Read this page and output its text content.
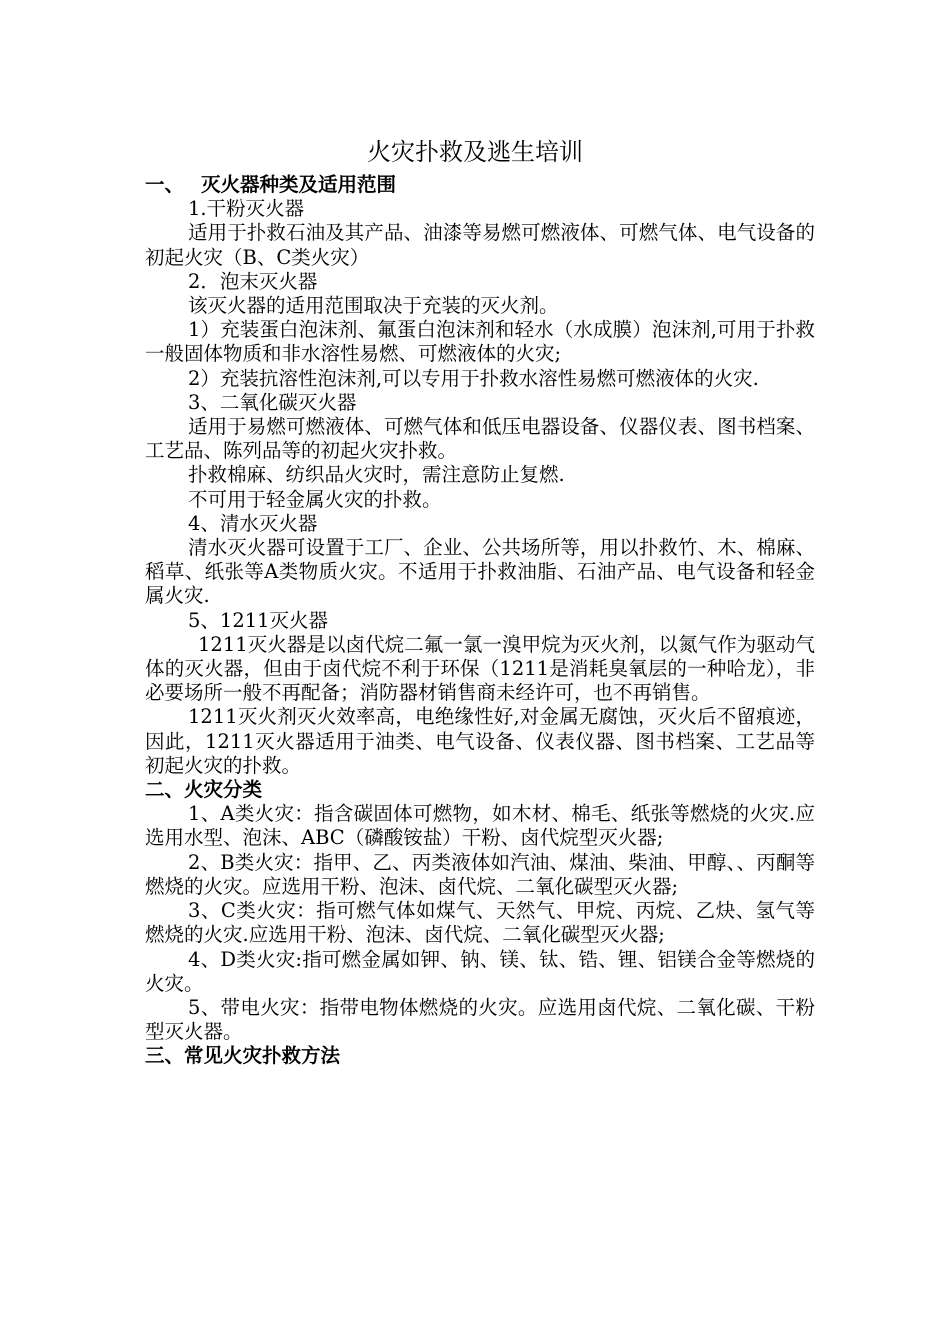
火灾扑救及逃生培训

一、 灭火器种类及适用范围

1.干粉灭火器

适用于扑救石油及其产品、油漆等易燃可燃液体、可燃气体、电气设备的初起火灾（B、C类火灾）

2．泡末灭火器

该灭火器的适用范围取决于充装的灭火剂。

1）充装蛋白泡沫剂、氟蛋白泡沫剂和轻水（水成膜）泡沫剂,可用于扑救一般固体物质和非水溶性易燃、可燃液体的火灾;

2）充装抗溶性泡沫剂,可以专用于扑救水溶性易燃可燃液体的火灾.

3、二氧化碳灭火器

适用于易燃可燃液体、可燃气体和低压电器设备、仪器仪表、图书档案、工艺品、陈列品等的初起火灾扑救。

扑救棉麻、纺织品火灾时，需注意防止复燃.

不可用于轻金属火灾的扑救。

4、清水灭火器

清水灭火器可设置于工厂、企业、公共场所等，用以扑救竹、木、棉麻、稻草、纸张等A类物质火灾。不适用于扑救油脂、石油产品、电气设备和轻金属火灾.

5、1211灭火器

1211灭火器是以卤代烷二氟一氯一溴甲烷为灭火剂，以氮气作为驱动气体的灭火器，但由于卤代烷不利于环保（1211是消耗臭氧层的一种哈龙），非必要场所一般不再配备；消防器材销售商未经许可，也不再销售。

1211灭火剂灭火效率高，电绝缘性好,对金属无腐蚀，灭火后不留痕迹，因此，1211灭火器适用于油类、电气设备、仪表仪器、图书档案、工艺品等初起火灾的扑救。

二、火灾分类

1、A类火灾：指含碳固体可燃物，如木材、棉毛、纸张等燃烧的火灾.应选用水型、泡沫、ABC（磷酸铵盐）干粉、卤代烷型灭火器;

2、B类火灾：指甲、乙、丙类液体如汽油、煤油、柴油、甲醇、、丙酮等燃烧的火灾。应选用干粉、泡沫、卤代烷、二氧化碳型灭火器;

3、C类火灾：指可燃气体如煤气、天然气、甲烷、丙烷、乙炔、氢气等燃烧的火灾.应选用干粉、泡沫、卤代烷、二氧化碳型灭火器;

4、D类火灾:指可燃金属如钾、钠、镁、钛、锆、锂、铝镁合金等燃烧的火灾。

5、带电火灾：指带电物体燃烧的火灾。应选用卤代烷、二氧化碳、干粉型灭火器。

三、常见火灾扑救方法
